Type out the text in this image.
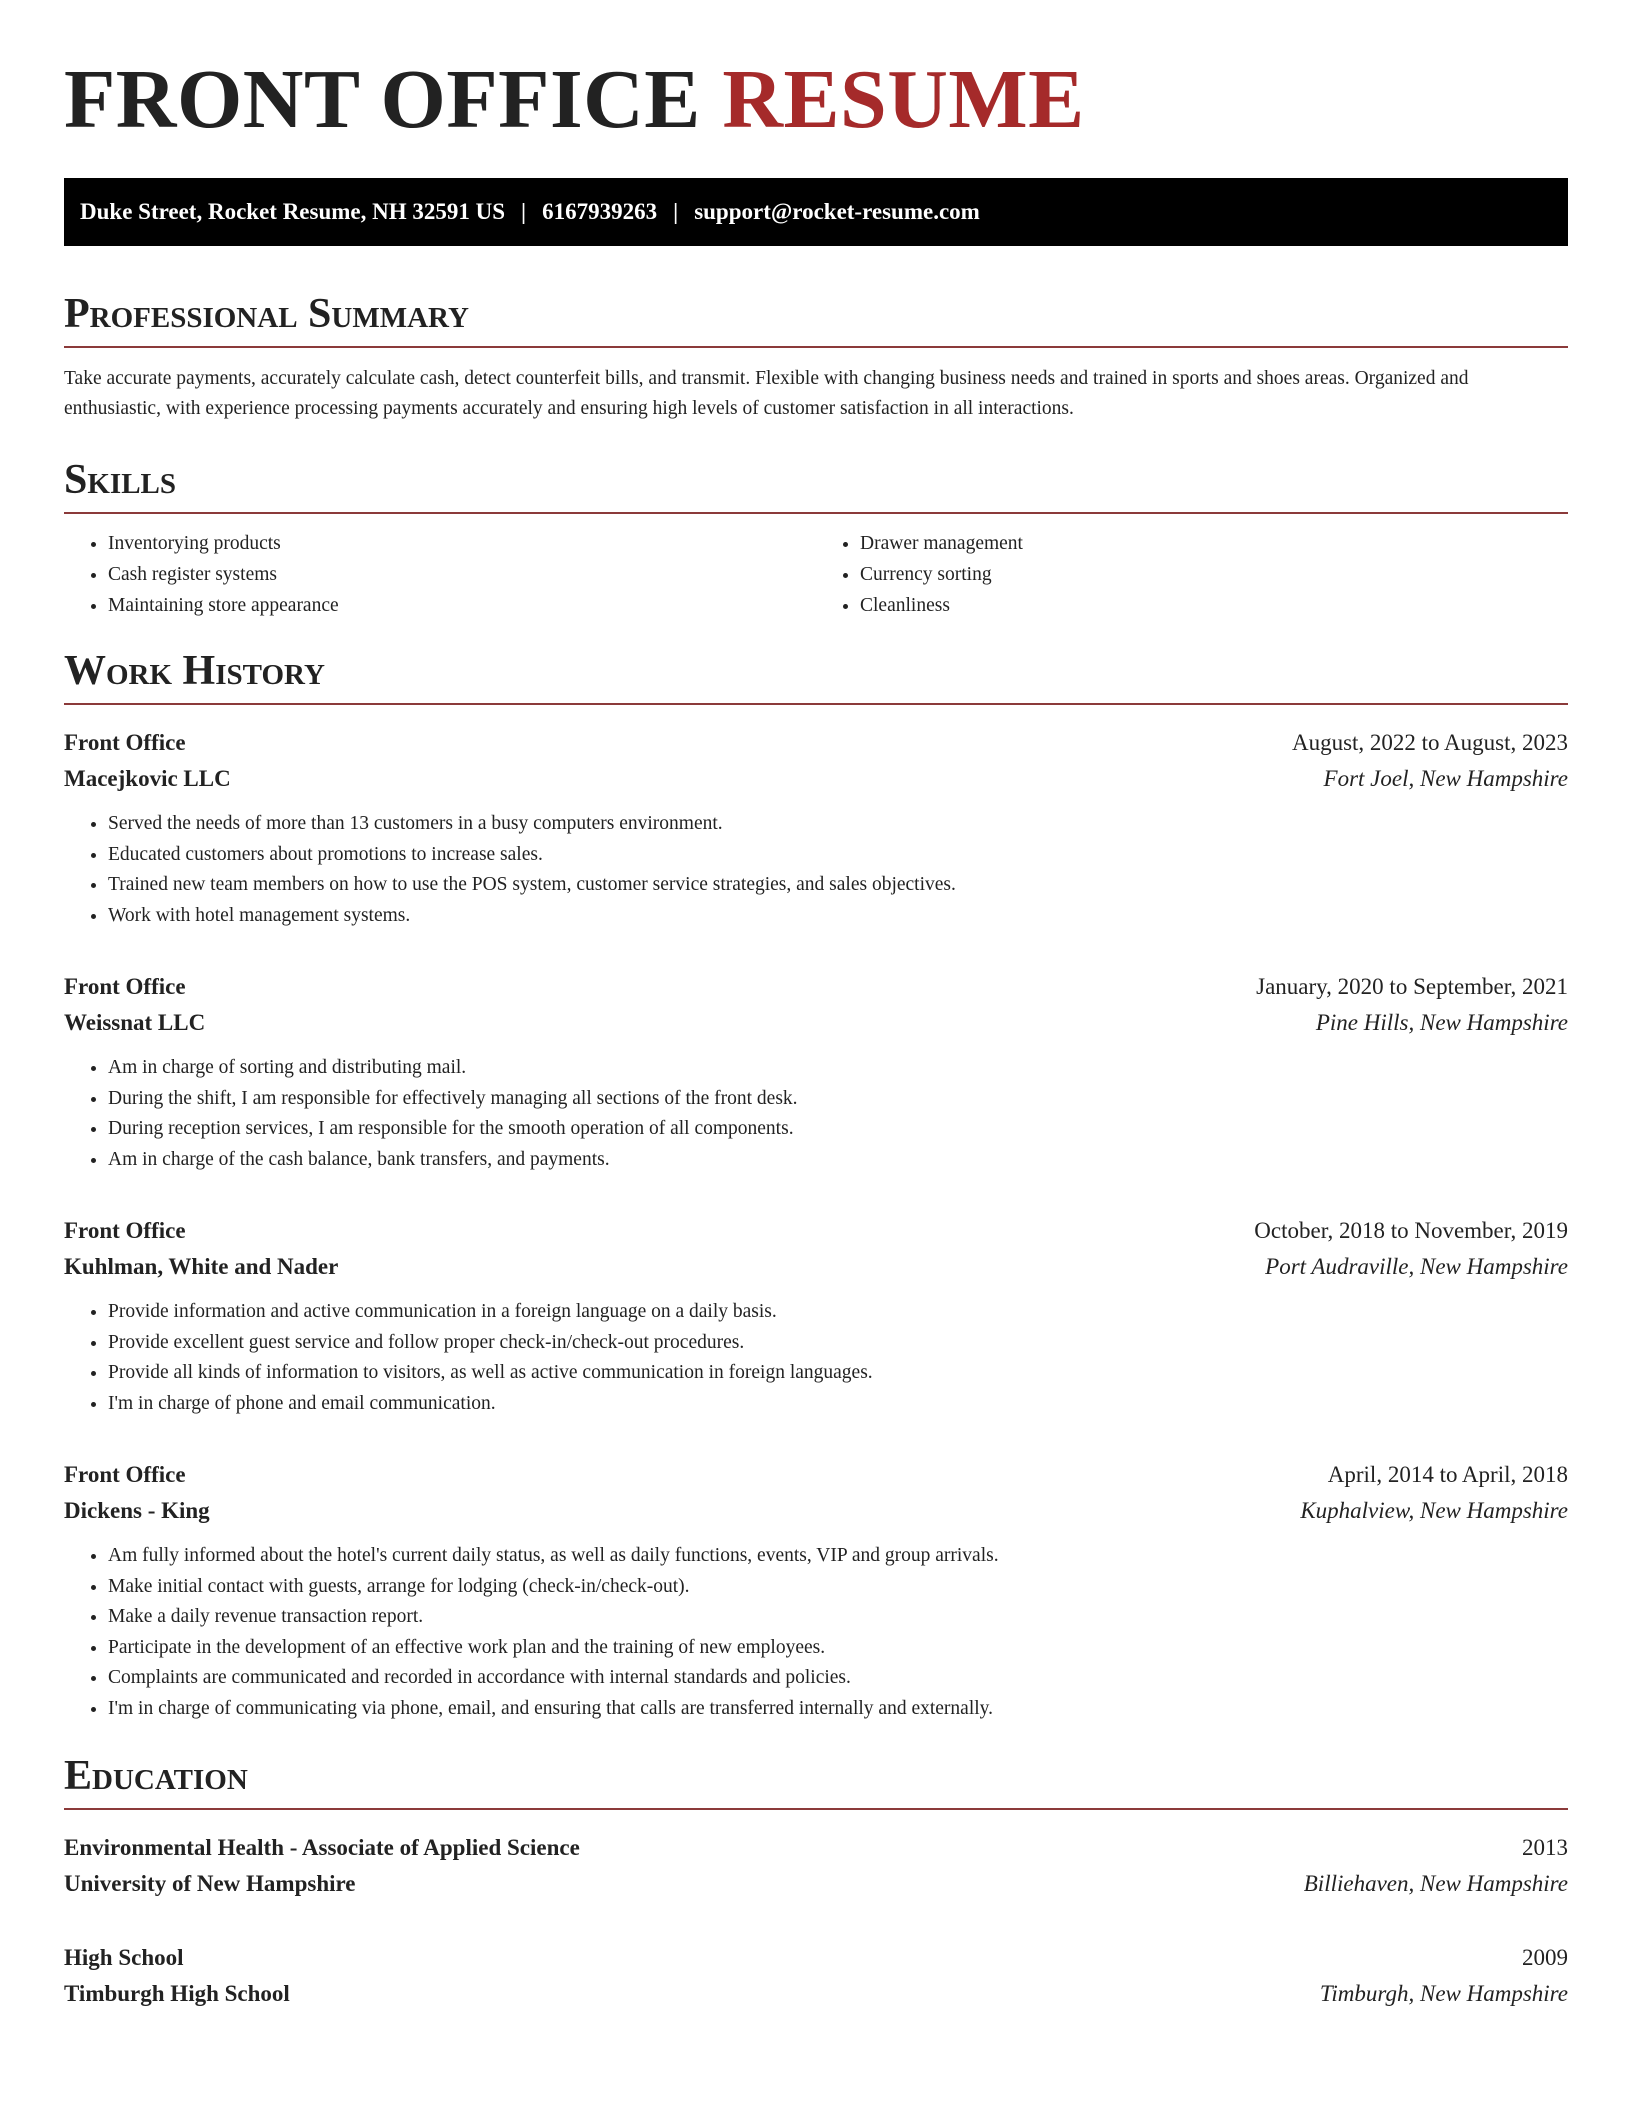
FRONT OFFICE RESUME
Duke Street, Rocket Resume, NH 32591 US | 6167939263 | support@rocket-resume.com
Professional Summary

Take accurate payments, accurately calculate cash, detect counterfeit bills, and transmit. Flexible with changing business needs and trained in sports and shoes areas. Organized and enthusiastic, with experience processing payments accurately and ensuring high levels of customer satisfaction in all interactions.

Skills
• Inventorying products
• Cash register systems
• Maintaining store appearance
• Drawer management
• Currency sorting
• Cleanliness
Work History
Front Office	August, 2022 to August, 2023
Macejkovic LLC	Fort Joel, New Hampshire
• Served the needs of more than 13 customers in a busy computers environment.
• Educated customers about promotions to increase sales.
• Trained new team members on how to use the POS system, customer service strategies, and sales objectives.
• Work with hotel management systems.
Front Office	January, 2020 to September, 2021
Weissnat LLC	Pine Hills, New Hampshire
• Am in charge of sorting and distributing mail.
• During the shift, I am responsible for effectively managing all sections of the front desk.
• During reception services, I am responsible for the smooth operation of all components.
• Am in charge of the cash balance, bank transfers, and payments.
Front Office	October, 2018 to November, 2019
Kuhlman, White and Nader	Port Audraville, New Hampshire
• Provide information and active communication in a foreign language on a daily basis.
• Provide excellent guest service and follow proper check-in/check-out procedures.
• Provide all kinds of information to visitors, as well as active communication in foreign languages.
• I'm in charge of phone and email communication.
Front Office	April, 2014 to April, 2018
Dickens - King	Kuphalview, New Hampshire
• Am fully informed about the hotel's current daily status, as well as daily functions, events, VIP and group arrivals.
• Make initial contact with guests, arrange for lodging (check-in/check-out).
• Make a daily revenue transaction report.
• Participate in the development of an effective work plan and the training of new employees.
• Complaints are communicated and recorded in accordance with internal standards and policies.
• I'm in charge of communicating via phone, email, and ensuring that calls are transferred internally and externally.
Education
Environmental Health - Associate of Applied Science	2013
University of New Hampshire	Billiehaven, New Hampshire
High School	2009
Timburgh High School	Timburgh, New Hampshire
